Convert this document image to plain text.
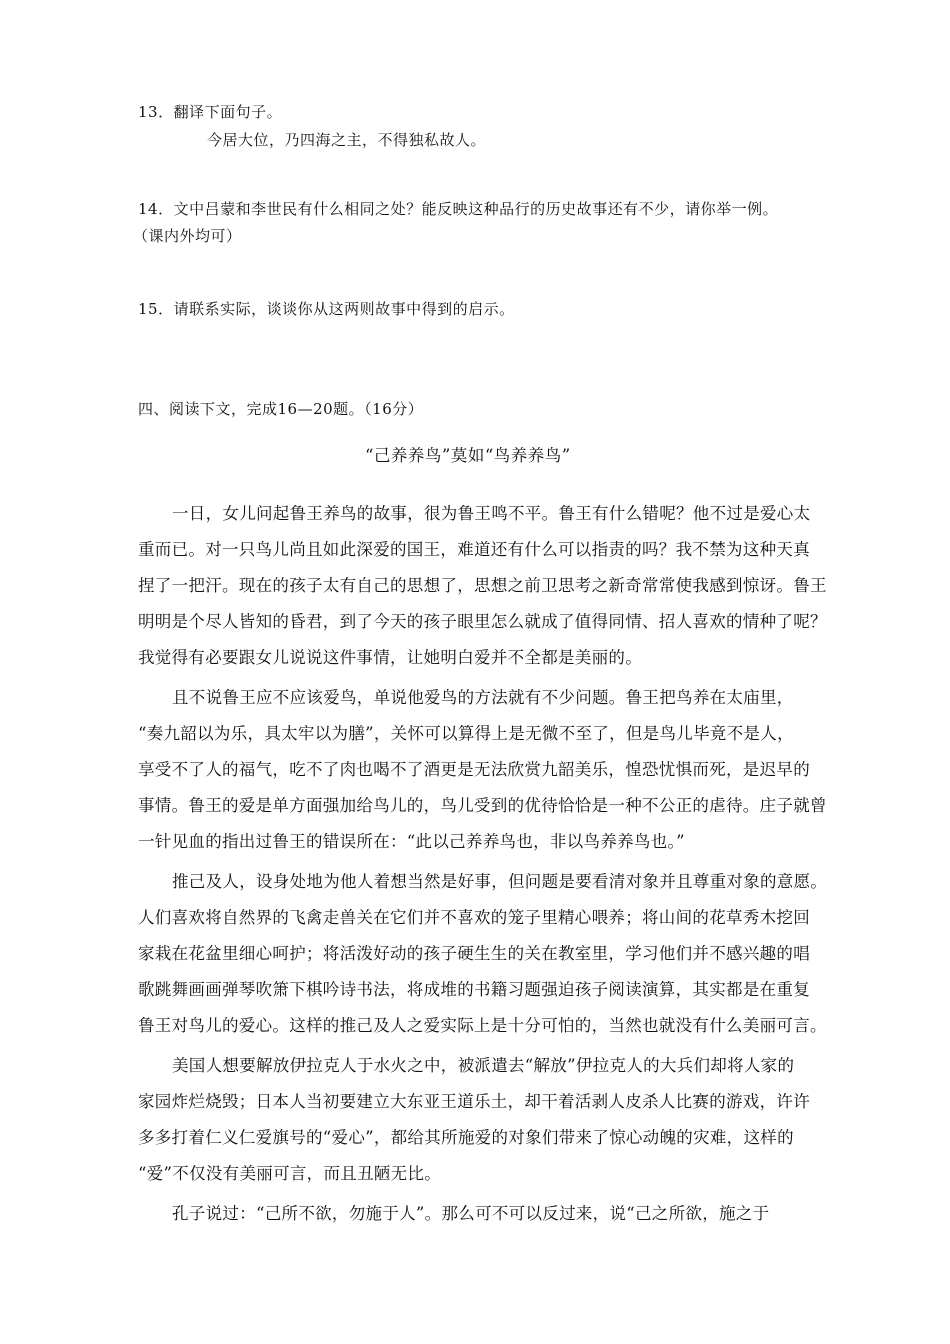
13．翻译下面句子。

今居大位，乃四海之主，不得独私故人。

14．文中吕蒙和李世民有什么相同之处？能反映这种品行的历史故事还有不少，请你举一例。

（课内外均可）

15．请联系实际，谈谈你从这两则故事中得到的启示。

四、阅读下文，完成16—20题。（16分）

“己养养鸟”莫如“鸟养养鸟”

一日，女儿问起鲁王养鸟的故事，很为鲁王鸣不平。鲁王有什么错呢？他不过是爱心太

重而已。对一只鸟儿尚且如此深爱的国王，难道还有什么可以指责的吗？我不禁为这种天真

捏了一把汗。现在的孩子太有自己的思想了，思想之前卫思考之新奇常常使我感到惊讶。鲁王

明明是个尽人皆知的昏君，到了今天的孩子眼里怎么就成了值得同情、招人喜欢的情种了呢？

我觉得有必要跟女儿说说这件事情，让她明白爱并不全都是美丽的。

且不说鲁王应不应该爱鸟，单说他爱鸟的方法就有不少问题。鲁王把鸟养在太庙里，

“奏九韶以为乐，具太牢以为膳”，关怀可以算得上是无微不至了，但是鸟儿毕竟不是人，

享受不了人的福气，吃不了肉也喝不了酒更是无法欣赏九韶美乐，惶恐忧惧而死，是迟早的

事情。鲁王的爱是单方面强加给鸟儿的，鸟儿受到的优待恰恰是一种不公正的虐待。庄子就曾

一针见血的指出过鲁王的错误所在：“此以己养养鸟也，非以鸟养养鸟也。”

推己及人，设身处地为他人着想当然是好事，但问题是要看清对象并且尊重对象的意愿。

人们喜欢将自然界的飞禽走兽关在它们并不喜欢的笼子里精心喂养；将山间的花草秀木挖回

家栽在花盆里细心呵护；将活泼好动的孩子硬生生的关在教室里，学习他们并不感兴趣的唱

歌跳舞画画弹琴吹箫下棋吟诗书法，将成堆的书籍习题强迫孩子阅读演算，其实都是在重复

鲁王对鸟儿的爱心。这样的推己及人之爱实际上是十分可怕的，当然也就没有什么美丽可言。

美国人想要解放伊拉克人于水火之中，被派遣去“解放”伊拉克人的大兵们却将人家的

家园炸烂烧毁；日本人当初要建立大东亚王道乐土，却干着活剥人皮杀人比赛的游戏，许许

多多打着仁义仁爱旗号的“爱心”，都给其所施爱的对象们带来了惊心动魄的灾难，这样的

“爱”不仅没有美丽可言，而且丑陋无比。

孔子说过：“己所不欲，勿施于人”。那么可不可以反过来，说“己之所欲，施之于
